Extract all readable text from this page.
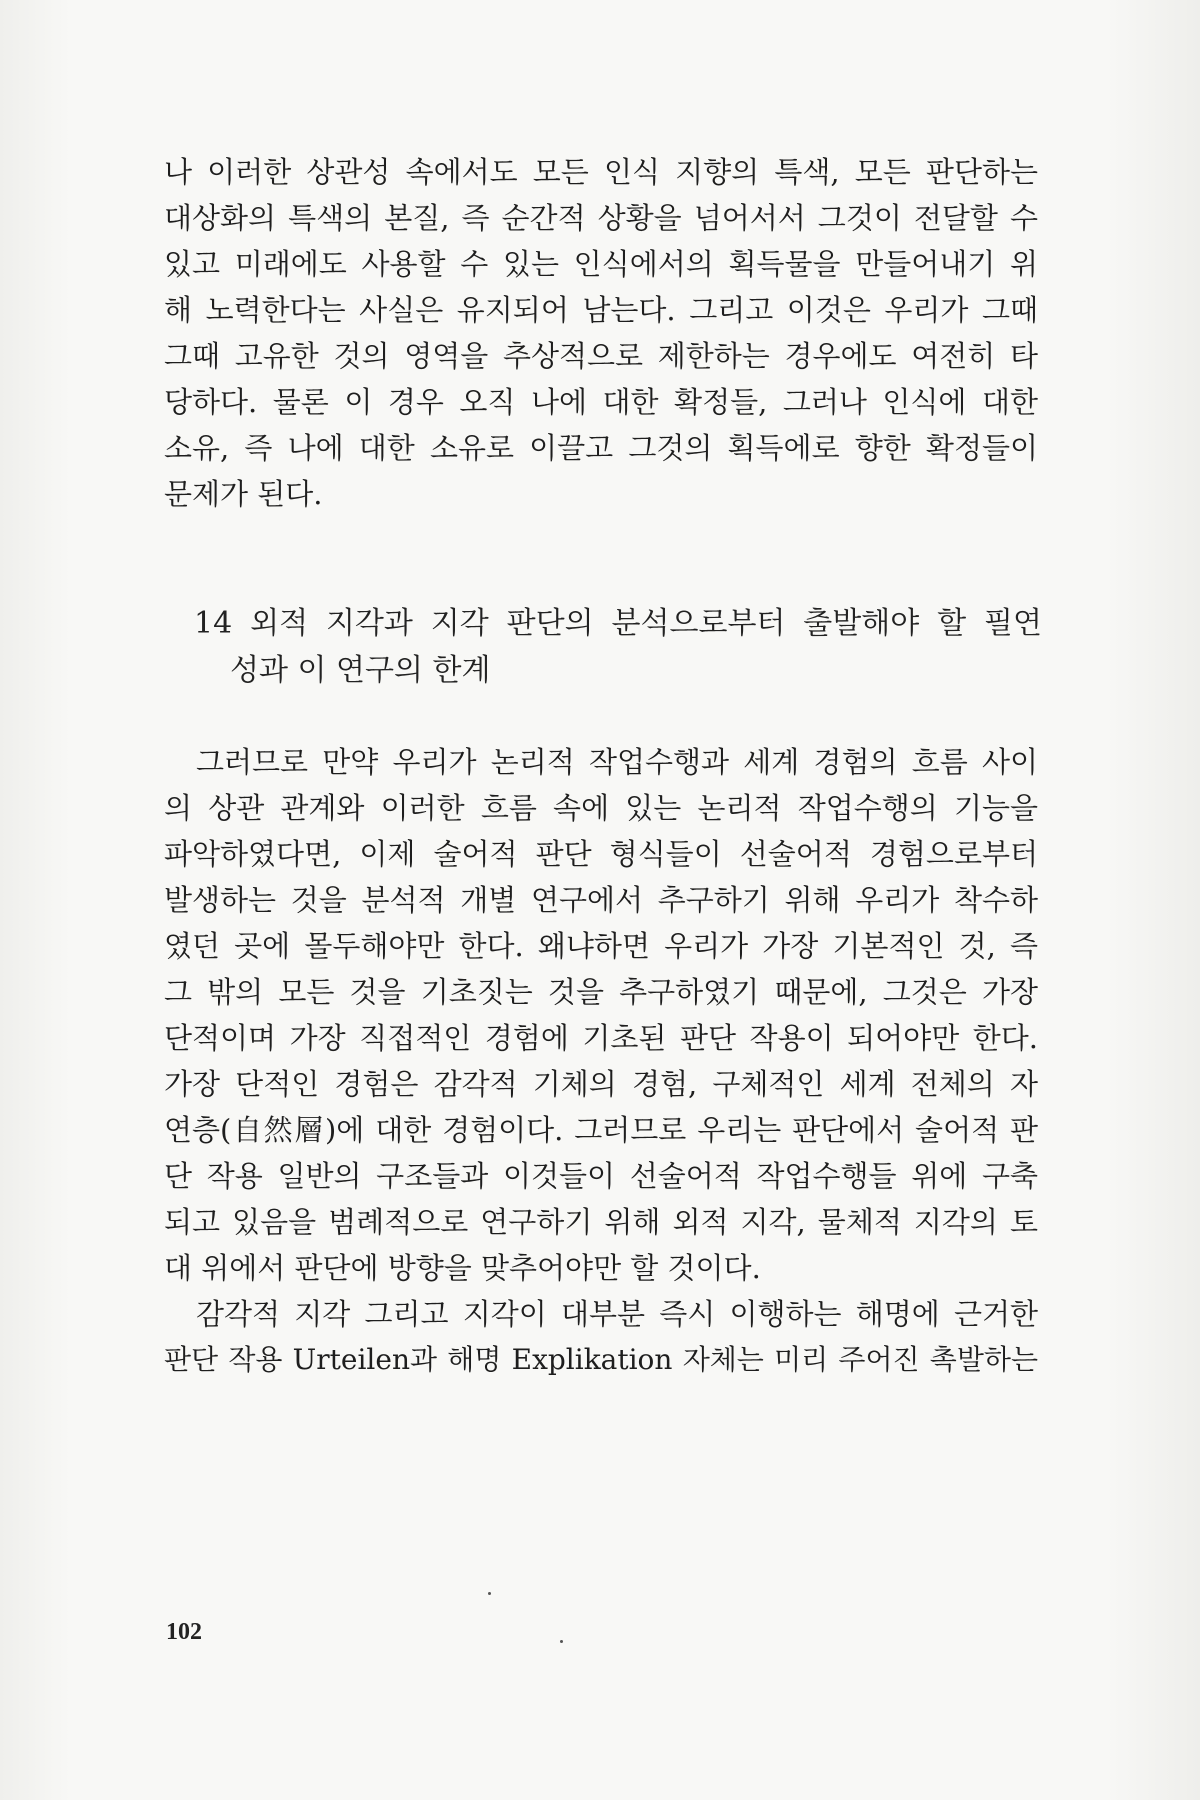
나 이러한 상관성 속에서도 모든 인식 지향의 특색, 모든 판단하는
대상화의 특색의 본질, 즉 순간적 상황을 넘어서서 그것이 전달할 수
있고 미래에도 사용할 수 있는 인식에서의 획득물을 만들어내기 위
해 노력한다는 사실은 유지되어 남는다. 그리고 이것은 우리가 그때
그때 고유한 것의 영역을 추상적으로 제한하는 경우에도 여전히 타
당하다. 물론 이 경우 오직 나에 대한 확정들, 그러나 인식에 대한
소유, 즉 나에 대한 소유로 이끌고 그것의 획득에로 향한 확정들이
문제가 된다.
14 외적 지각과 지각 판단의 분석으로부터 출발해야 할 필연
성과 이 연구의 한계
그러므로 만약 우리가 논리적 작업수행과 세계 경험의 흐름 사이
의 상관 관계와 이러한 흐름 속에 있는 논리적 작업수행의 기능을
파악하였다면, 이제 술어적 판단 형식들이 선술어적 경험으로부터
발생하는 것을 분석적 개별 연구에서 추구하기 위해 우리가 착수하
였던 곳에 몰두해야만 한다. 왜냐하면 우리가 가장 기본적인 것, 즉
그 밖의 모든 것을 기초짓는 것을 추구하였기 때문에, 그것은 가장
단적이며 가장 직접적인 경험에 기초된 판단 작용이 되어야만 한다.
가장 단적인 경험은 감각적 기체의 경험, 구체적인 세계 전체의 자
연층(自然層)에 대한 경험이다. 그러므로 우리는 판단에서 술어적 판
단 작용 일반의 구조들과 이것들이 선술어적 작업수행들 위에 구축
되고 있음을 범례적으로 연구하기 위해 외적 지각, 물체적 지각의 토
대 위에서 판단에 방향을 맞추어야만 할 것이다.
감각적 지각 그리고 지각이 대부분 즉시 이행하는 해명에 근거한
판단 작용 Urteilen과 해명 Explikation 자체는 미리 주어진 촉발하는
102
